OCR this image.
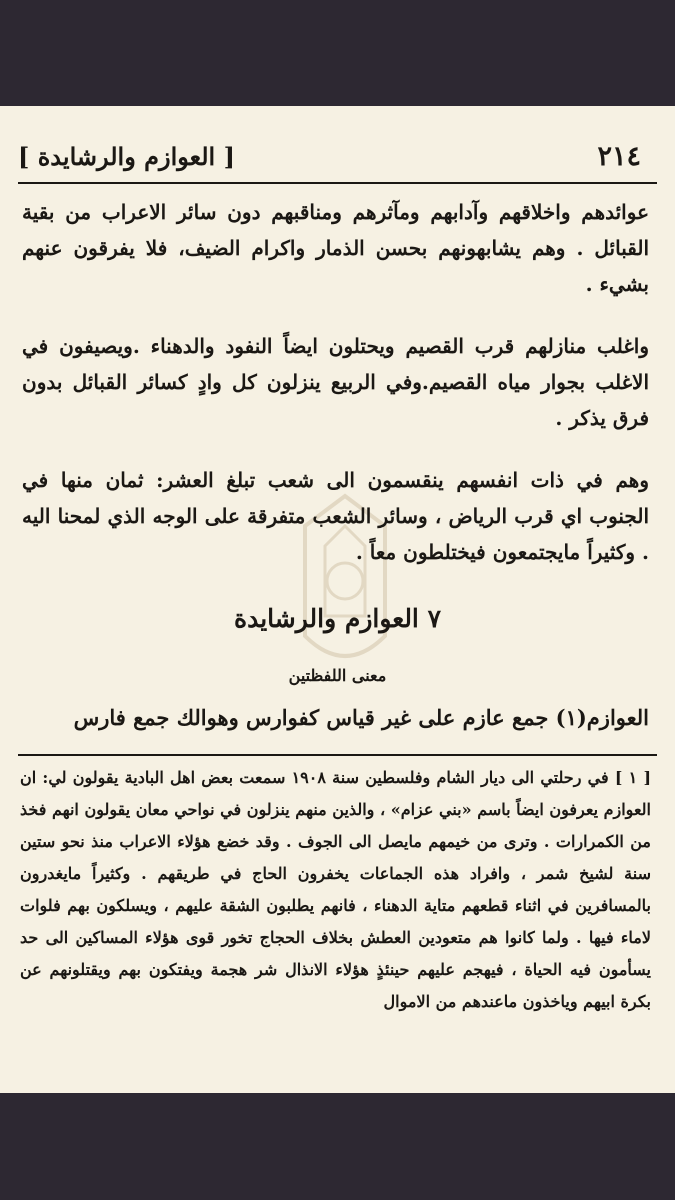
٢١٤
[ العوازم والرشايدة ]
عوائدهم واخلاقهم وآدابهم ومآثرهم ومناقبهم دون سائر الاعراب من بقية القبائل . وهم يشابهونهم بحسن الذمار واكرام الضيف، فلا يفرقون عنهم بشيء .
واغلب منازلهم قرب القصيم ويحتلون ايضاً النفود والدهناء .ويصيفون في الاغلب بجوار مياه القصيم.وفي الربيع ينزلون كل وادٍ كسائر القبائل بدون فرق يذكر .
وهم في ذات انفسهم ينقسمون الى شعب تبلغ العشر: ثمان منها في الجنوب اي قرب الرياض ، وسائر الشعب متفرقة على الوجه الذي لمحنا اليه . وكثيراً مايجتمعون فيختلطون معاً .
٧ العوازم والرشايدة
معنى اللفظتين
العوازم(١) جمع عازم على غير قياس كفوارس وهوالك جمع فارس
[ ١ ] في رحلتي الى ديار الشام وفلسطين سنة ١٩٠٨ سمعت بعض اهل البادية يقولون لي: ان العوازم يعرفون ايضاً باسم «بني عزام» ، والذين منهم ينزلون في نواحي معان يقولون انهم فخذ من الكمرارات . وترى من خيمهم مايصل الى الجوف . وقد خضع هؤلاء الاعراب منذ نحو ستين سنة لشيخ شمر ، وافراد هذه الجماعات يخفرون الحاج في طريقهم . وكثيراً مايغدرون بالمسافرين في اثناء قطعهم متاية الدهناء ، فانهم يطلبون الشقة عليهم ، ويسلكون بهم فلوات لاماء فيها . ولما كانوا هم متعودين العطش بخلاف الحجاج تخور قوى هؤلاء المساكين الى حد يسأمون فيه الحياة ، فيهجم عليهم حينئذٍ هؤلاء الانذال شر هجمة ويفتكون بهم ويقتلونهم عن بكرة ابيهم وياخذون ماعندهم من الاموال
